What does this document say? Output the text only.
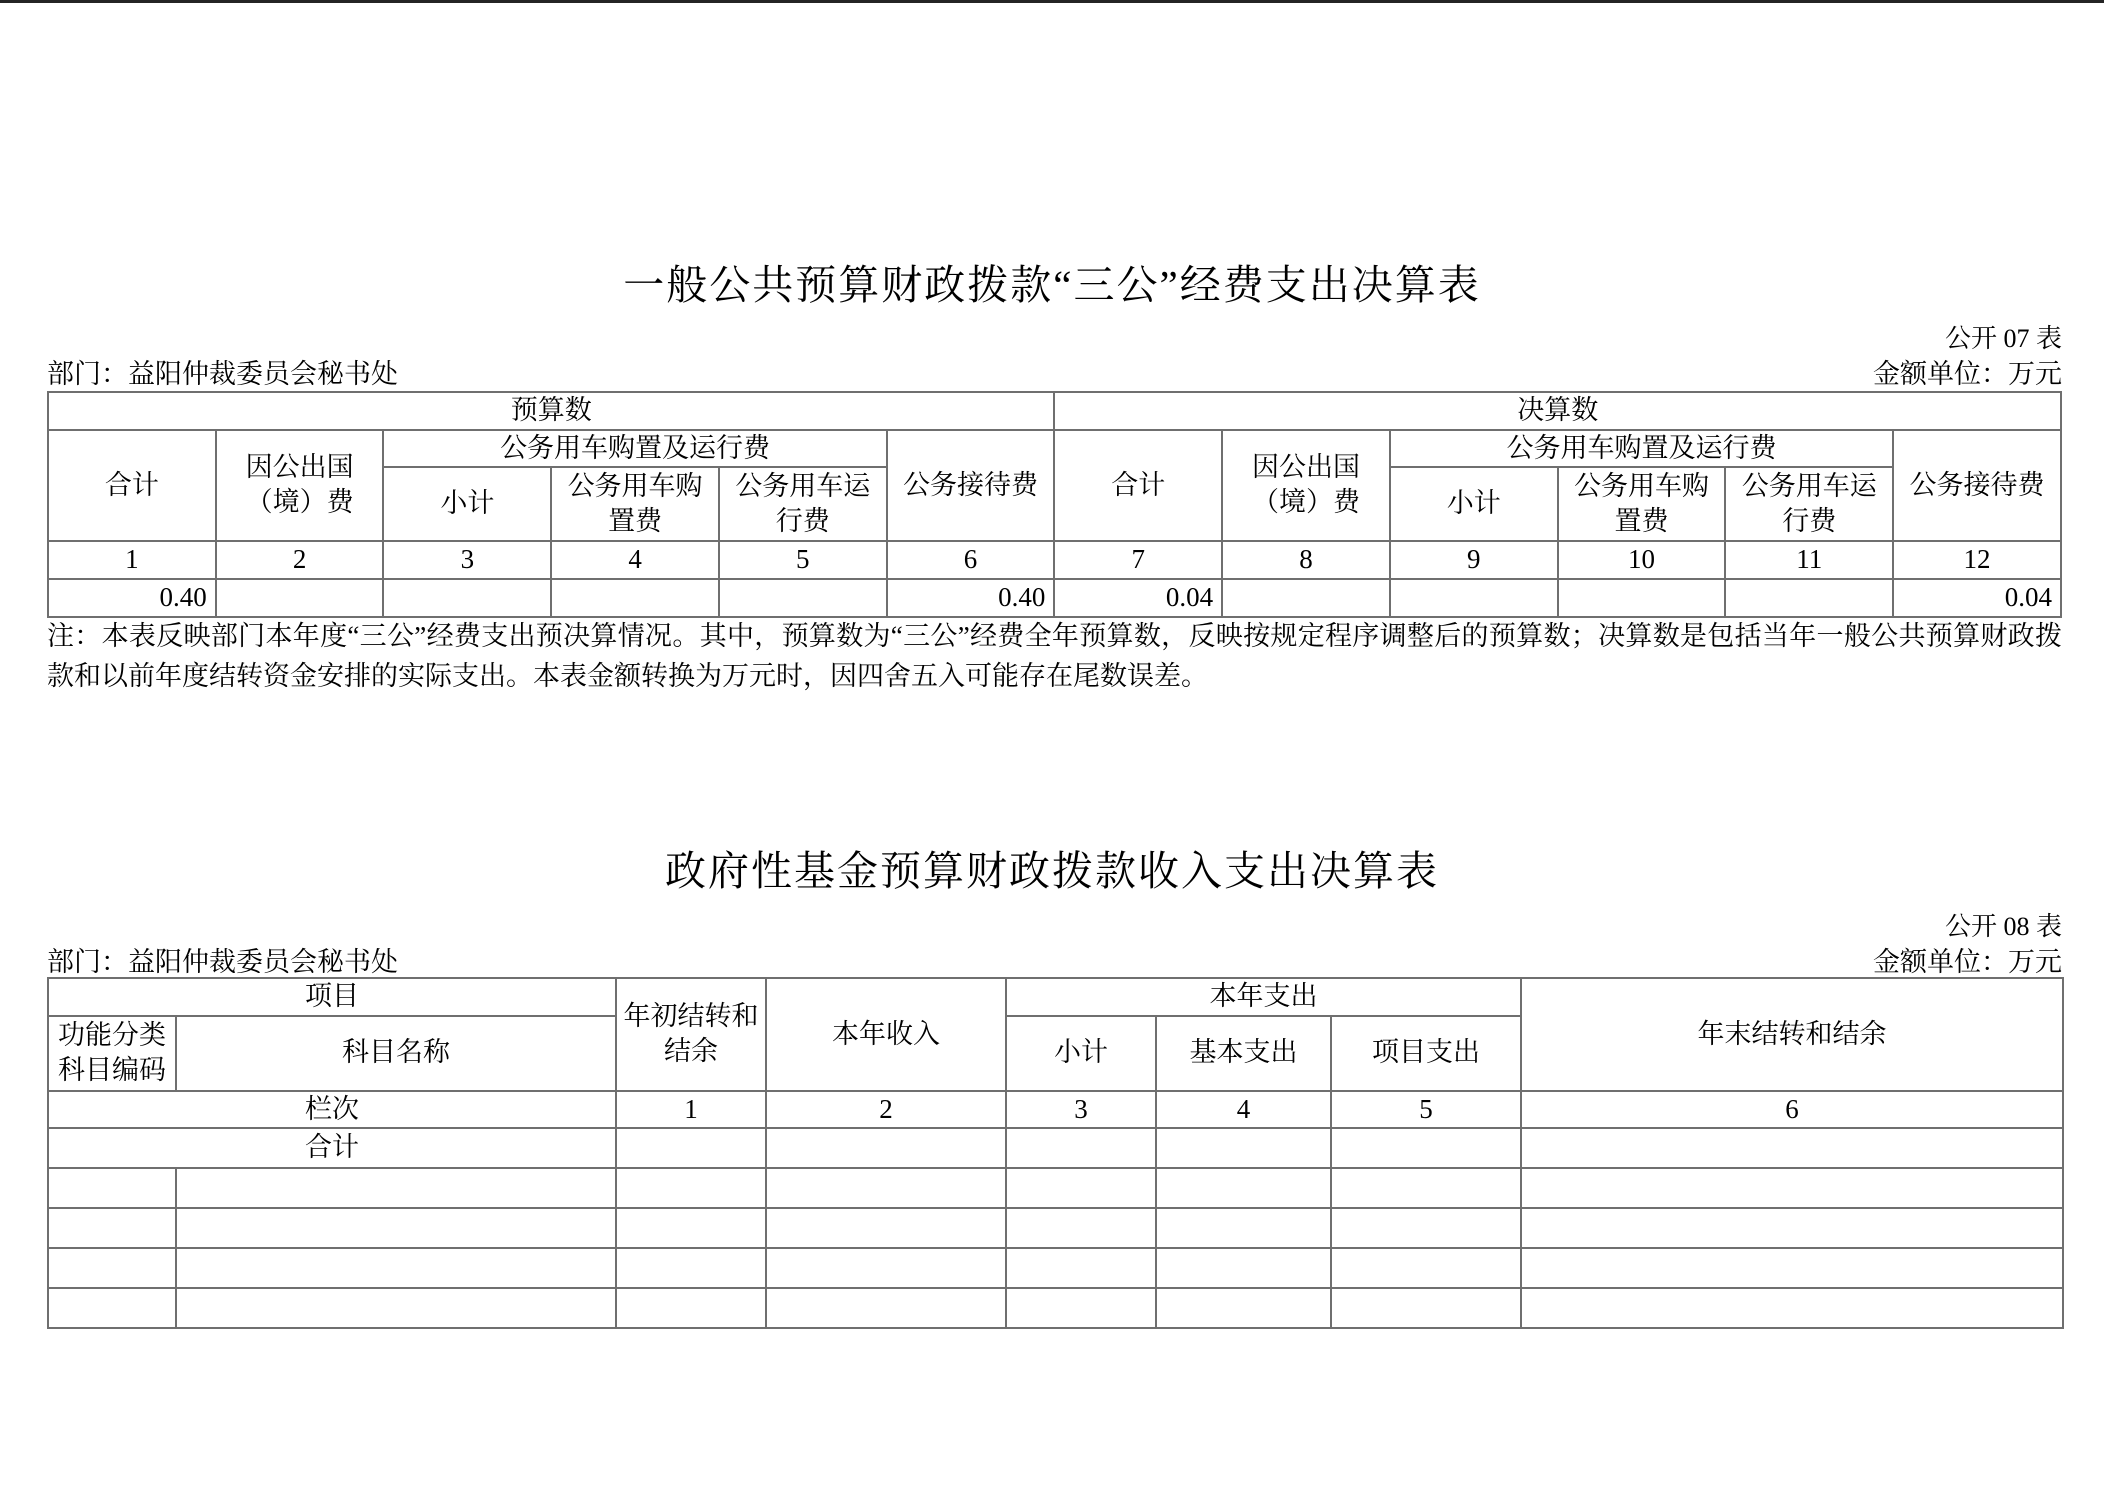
一般公共预算财政拨款“三公”经费支出决算表
公开 07 表
部门：益阳仲裁委员会秘书处	金额单位：万元
预算数						决算数					
合计	因公出国（境）费	公务用车购置及运行费			公务接待费	合计	因公出国（境）费	公务用车购置及运行费			公务接待费
		小计	公务用车购置费	公务用车运行费				小计	公务用车购置费	公务用车运行费	
1	2	3	4	5	6	7	8	9	10	11	12
0.40					0.40	0.04					0.04
注：本表反映部门本年度“三公”经费支出预决算情况。其中，预算数为“三公”经费全年预算数，反映按规定程序调整后的预算数；决算数是包括当年一般公共预算财政拨款和以前年度结转资金安排的实际支出。本表金额转换为万元时，因四舍五入可能存在尾数误差。
政府性基金预算财政拨款收入支出决算表
公开 08 表
部门：益阳仲裁委员会秘书处	金额单位：万元
项目		年初结转和结余	本年收入	本年支出			年末结转和结余
功能分类科目编码	科目名称			小计	基本支出	项目支出	
栏次		1	2	3	4	5	6
合计							
